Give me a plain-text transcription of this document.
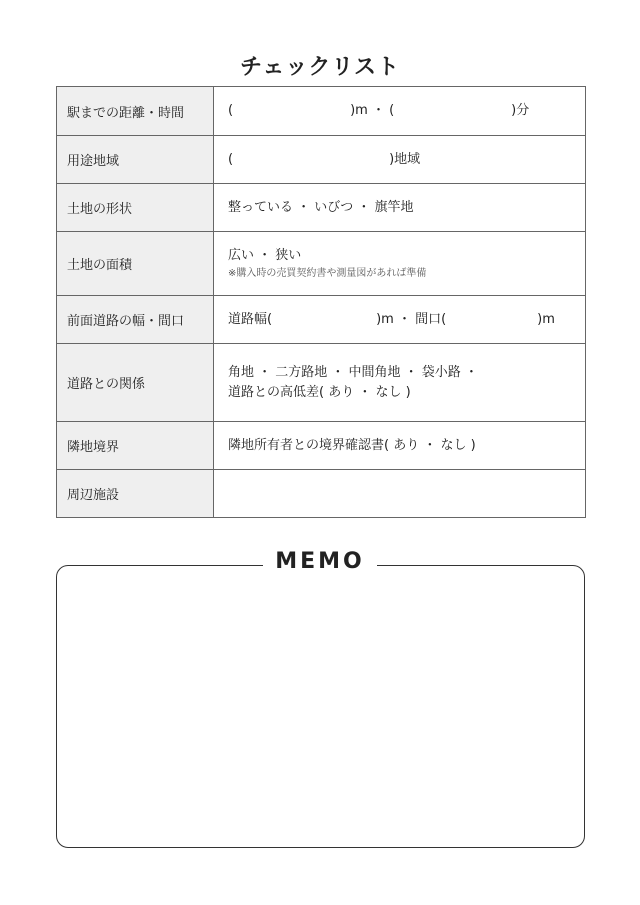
チェックリスト
駅までの距離・時間	(　　　　　　　　　)m ・ (　　　　　　　　　)分

用途地域	(　　　　　　　　　　　　)地域

土地の形状	整っている ・ いびつ ・ 旗竿地

土地の面積	広い ・ 狭い
※購入時の売買契約書や測量図があれば準備

前面道路の幅・間口	道路幅(　　　　　　　　)m ・ 間口(　　　　　　　)m

道路との関係	角地 ・ 二方路地 ・ 中間角地 ・ 袋小路 ・
道路との高低差( あり ・ なし )

隣地境界	隣地所有者との境界確認書( あり ・ なし )

周辺施設	
MEMO
